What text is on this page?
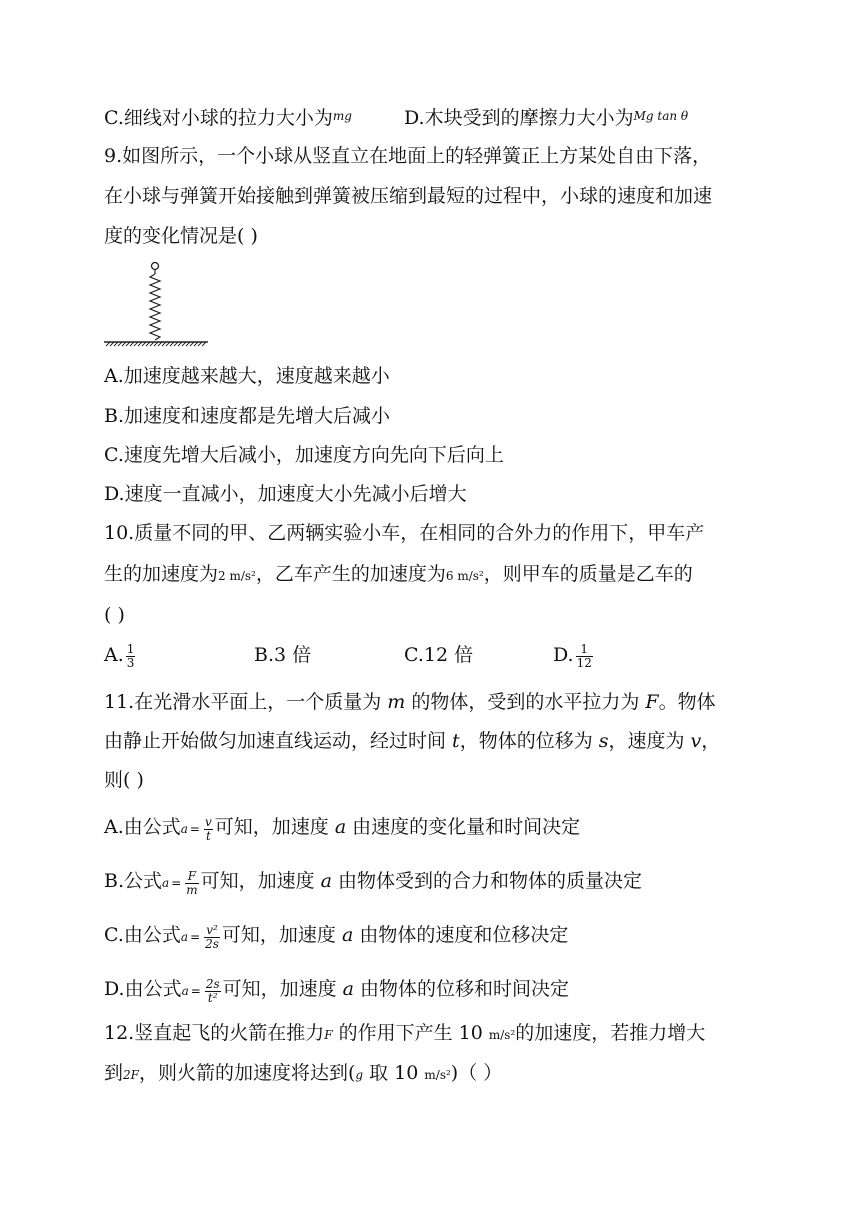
C.细线对小球的拉力大小为$^{mg}$	D.木块受到的摩擦力大小为$^{Mg tan \theta}$
9.如图所示，一个小球从竖直立在地面上的轻弹簧正上方某处自由下落，
在小球与弹簧开始接触到弹簧被压缩到最短的过程中，小球的速度和加速
度的变化情况是( )
A.加速度越来越大，速度越来越小
B.加速度和速度都是先增大后减小
C.速度先增大后减小，加速度方向先向下后向上
D.速度一直减小，加速度大小先减小后增大
10.质量不同的甲、乙两辆实验小车，在相同的合外力的作用下，甲车产
生的加速度为2 m/s²，乙车产生的加速度为6 m/s²，则甲车的质量是乙车的
( )
A. $\frac{1}{3}$	B.3 倍	C.12 倍	D. $\frac{1}{12}$
11.在光滑水平面上，一个质量为 m 的物体，受到的水平拉力为 F。物体
由静止开始做匀加速直线运动，经过时间 t，物体的位移为 s，速度为 v，
则( )
A.由公式 $a = \frac{v}{t}$ 可知，加速度 a 由速度的变化量和时间决定
B.公式 $a = \frac{F}{m}$ 可知，加速度 a 由物体受到的合力和物体的质量决定
C.由公式 $a = \frac{\text{v²}}{2s}$ 可知，加速度 a 由物体的速度和位移决定
D.由公式 $a = \frac{2s}{\text{t²}}$ 可知，加速度 a 由物体的位移和时间决定
12.竖直起飞的火箭在推力F 的作用下产生 10 m/s²的加速度，若推力增大
到2F，则火箭的加速度将达到(g 取 10 m/s²)（ ）
